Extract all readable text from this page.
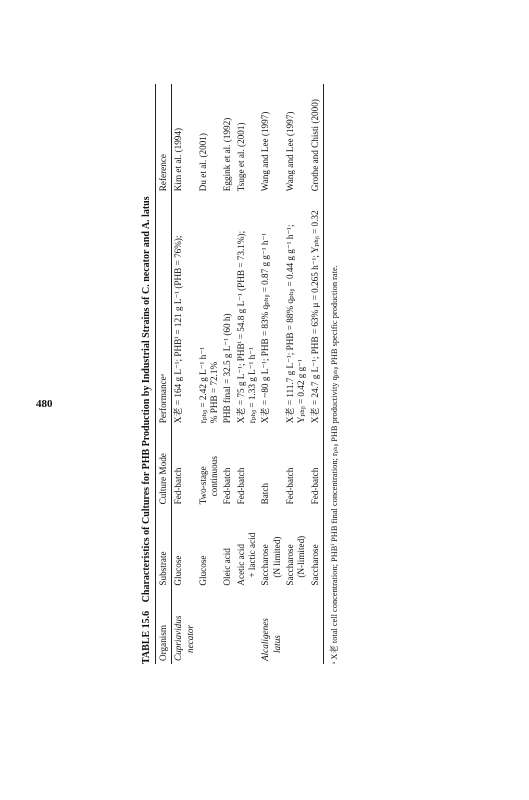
480
TABLE 15.6 Characteristics of Cultures for PHB Production by Industrial Strains of C. necator and A. latus
Organism	Substrate	Culture Mode	Performanceᵃ	Reference

Cupriavidus necator	Glucose	Fed-batch	X⽼ = 164 g L⁻¹; PHBⁱ = 121 g L⁻¹ (PHB = 76%);	Kim et al. (1994)

	Glucose	Two-stage continuous	rₚₕᵦ = 2.42 g L⁻¹ h⁻¹ % PHB = 72.1%	Du et al. (2001)

	Oleic acid	Fed-batch	PHB final = 32.5 g L⁻¹ (60 h)	Eggink et al. (1992)

	Acetic acid + lactic acid	Fed-batch	X⽼ = 75 g L⁻¹; PHBⁱ = 54.8 g L⁻¹ (PHB = 73.1%); rₚₕᵦ = 1.33 g L⁻¹ h⁻¹	Tsuge et al. (2001)

Alcaligenes latus	Saccharose (N limited)	Batch	X⽼ = ~80 g L⁻¹; PHB = 83% qₚₕᵦ = 0.87 g g⁻¹ h⁻¹	Wang and Lee (1997)

	Saccharose (N-limited)	Fed-batch	X⽼ = 111.7 g L⁻¹; PHB = 88% qₚₕᵦ = 0.44 g g⁻¹ h⁻¹; Yₚₕᵦ = 0.42 g g⁻¹	Wang and Lee (1997)

	Saccharose	Fed-batch	X⽼ = 24.7 g L⁻¹; PHB = 63% μ = 0.265 h⁻¹; Yₚₕᵦ = 0.32	Grothe and Chisti (2000)
ᵃ X⽼ total cell concentration; PHBⁱ PHB final concentration; rₚₕᵦ PHB productivity qₚₕᵦ PHB specific production rate.
